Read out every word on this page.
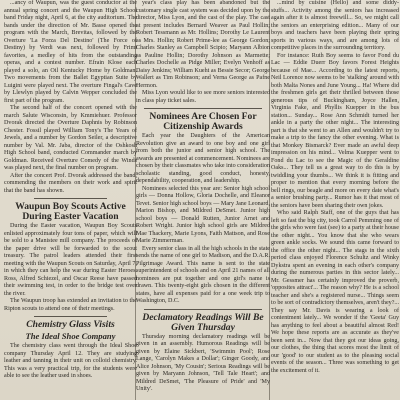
...ancy of Waupun, was the guest conductor at the annual spring concert and the Waupun High School band Friday night, April 6, at the city auditorium. The bands under the direction of Mr. Basse opened the program with the March, Brevitas, followed by the Overture 'La Forza Del Destino' (The Force of Destiny) by Verdi was next, followed by Frimi favorites, a medley of hits from the outstanding operas, and a contest number. Efrain Klose each played a solo, an Oil Kentucky Home by Goldman. Two movements from the Ballet Egyptian Suite by Luigini were played next. The overture Fingal's Cave by Llewlyn played by Calvin Wepper concluded the first part of the program.

The second half of the concert opened with the march Salute Wisconsin, by Kmmiehuer. Professor Dvorak directed the Overture Daphnis by Robinson Chester. Fossil played William Tony's The Years of Jewels, and a number by Gordon Seiler, a descriptive number by Val. Mr. Jaba, director of the Oshkosh High School band, conducted Commander march by Goldman. Received Overture Comedy of the Winds was played next, the final number on program.

After the concert Prof. Dvorak addressed the band, commending the members on their work and spirit that the band has shown.

Waupun Boy Scouts Active During Easter Vacation

During the Easter vacation, Waupun Boy Scouts enlisted approximately four tons of paper, which will be sold to a Manistee mill company. The proceeds of the paper drive will be forwarded to the scout treasury. The patrol leaders attended their first meeting with the Waupun Scouts on Saturday, April 7, in which they can help the war during Easter Heroes. Ross, Alfred Schiezel, and Oscar Reese have passed their swimming test, in order to the bridge test over the river.

The Waupun troop has extended an invitation to the Ripton scouts to attend one of their meetings.

Chemistry Glass Visits
The Ideal Shoe Company

The chemistry class went through the Ideal Shoe company Thursday April 12. They are studying leather and tanning in their unit on colloid chemistry. This was a very practical trip, for the students were able to see the leather used in shoes.

year's class play has been abandoned but the customary single cast system was decided upon by the director, Miss Lyon, and the cast of the play. The cast at present includes Bernard Weaver as Paul Hollin; Robert Tessmann as Mr. Hollins; Dorothy Le Laurent as Mrs. Hollin; Robert Prime-lee as George Gordon; Charles Stanley as Campbell Scipio; Maryann Albion as Pauline Hollin; Dorothy Johnson as Marmette; Charles Dochelle as Pidge Miller; Evelyn Venhoff as Daisy Jenkins; William Kueht as Bessie Secor; George Wallert as Tim Robinson; and Verna George as Pafne Hermon.

Miss Lyon would like to see more seniors interested in class play ticket sales.

Nominees Are Chosen For Citizenship Awards

Each year the Daughters of the American Revolution give an award to one boy and one girl from both the junior and senior high school. The awards are presented at commencement. Nominees are chosen by their classmates who take into consideration scholastic standing, good conduct, honesty, dependability, cooperation, and leadership.

Nominees selected this year are: Senior high school girls — Donna Hollow, Gloria Dochelle, and Eleanor Tevet. Senior high school boys — Mary Jane Leonard, Marion Bishop, and Mildred DeSmet. Junior high school boys — Donald Rutten, Junior Arnet and Robert Wright. Junior high school girls are Mildred Mae Thackery, Marie Lyons, Faith Mattson, and Rose Marie Zimmerman.

Every senior class in all the high schools in the state sends the name of one girl to Madison, and the D.A.R. Pilgrimage Award. This name is sent to the state superintendent of schools and on April 21 names of all nominees are put together and one girl's name is drawn. This twenty-eight girls chosen in the different states, have all expenses paid for a one week trip to Washington, D.C.

Declamatory Readings Will Be Given Thursday

Thursday morning declamatory readings will be given in an assembly. Humorous Readings will be given by Elaine Sickbert, 'Swimmin Pool'; Rose Lange, 'Carolyn Makes a Dollar'; Ginger Goody, and Alice Johnson, 'My Cousin'; Serious Readings will be given by Maryann Johnson, 'Tell Tale Heart'; and Mildred DeSmet, 'The Pleasure of Pride' and 'My Unity'.

...mind by cuisine (Hello) and some diddy-stuffs... Activity among the seniors has increased again after it is almost freewill... So, we might call the seniors an enterprising edition... Many of our boys and teachers have been playing their spring sports in various ways, and are among lots of competitive places in the surrounding territory.

For instance: Ruth Boy seems to favor Fond du Lac — Eddie Duerr Boy favors Forest Heights because of Mae... According to the latest reports, Neil Lorence now seems to be 'stalking' around with both Malta Nones and June Young... Ha! Where did the freshmen girls get their thrilled between those generous tips of Buckingham, Joyce Hallen, Virginia Fake, and Phyllis Kuepper in the bus station... Sunday... Rose Ann Schmidt turned her ankle in a party the other night... The interesting part is that she went to an Allen and wouldn't try to make a trip to the fancy the other evening. What is that Monkey Bismarck? Ever made an awful deep impression on his mind... Velma Kuepper went to Fond du Lac to see the Magic of the Geraldine Oaks... They tell us a great way to do this is by twiddling your thumbs... We think it is fitting and proper to mention that every morning before the bell rings, our beagle and more on every date what's a senior brushing party... Rumor has it that most of the seniors have been sharing their own jokes.

Who said Ralph Staff, one of the guys that has left so fast the big city, took Carrol Pemming one of the girls who were fast (see) to a party at their house the other night... You know that she who wears green ankle socks. We sound this came forward to the office the other night... The stags in the sixth period class enjoyed Florence Schultz and Winky Dykstra spent an evening in each other's company during the numerous parties in this sector lately... Mr. Gessmer has certainly improved the proverb, 'opposites attract'... The reason why? He is a school teacher and she's a registered nurse... Things seem to be sort of contradictory themselves, aren't they?... They say Mr. Davis is wearing a look of contentment lately... We wonder if the 'Geeta' Guy has anything to feel about a beautiful almost Red! We hope these reports are as accurate as they've been sent in... Now that they got our ideas going, our clothes, the thing that scores most the limit of our 'good' to our student as to the pleasing social events of the season... Three was something to get the excitement of it.
